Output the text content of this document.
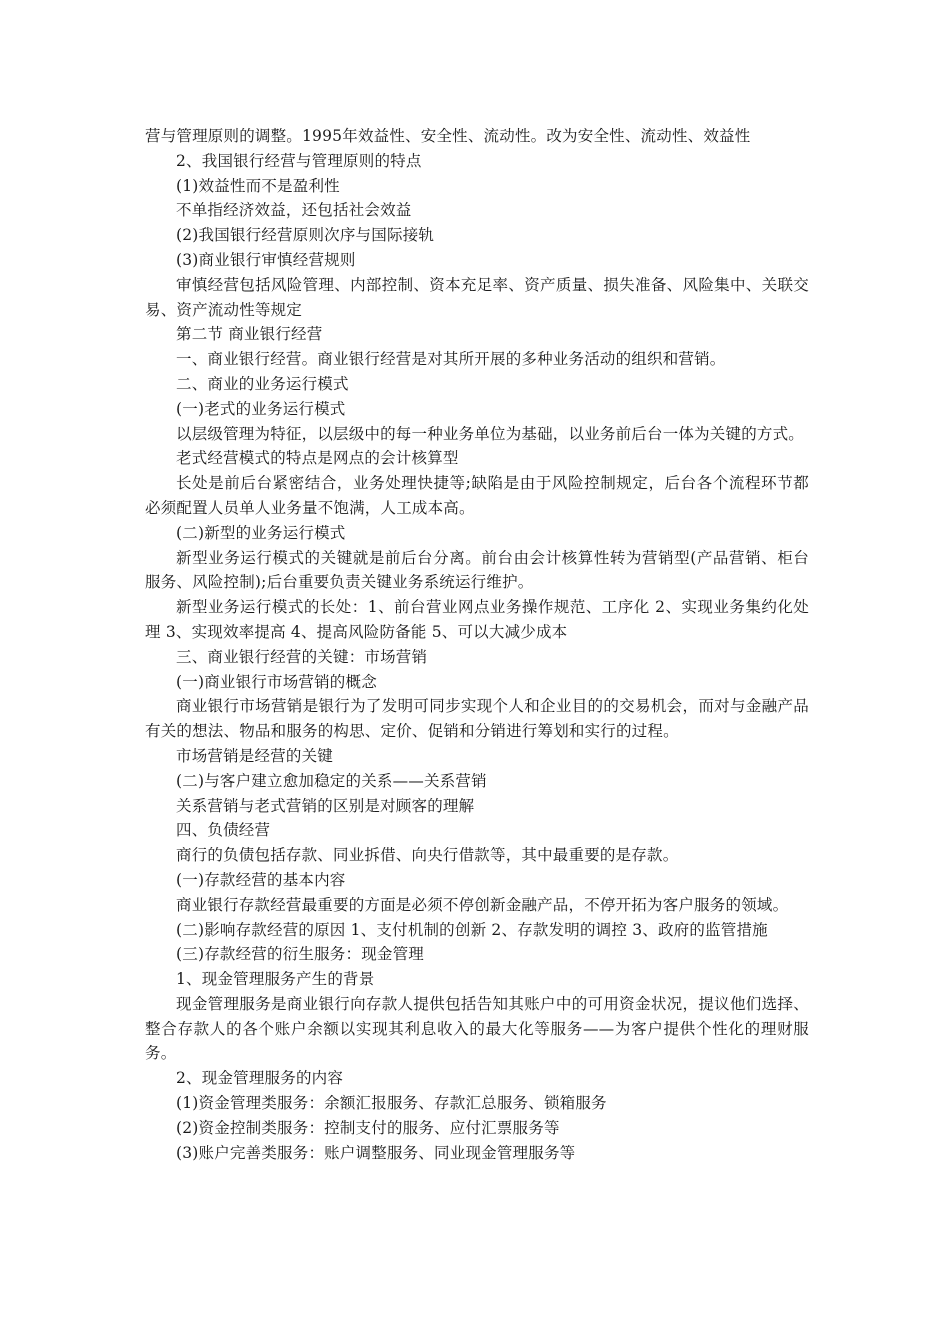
营与管理原则的调整。1995年效益性、安全性、流动性。改为安全性、流动性、效益性

2、我国银行经营与管理原则的特点

(1)效益性而不是盈利性

不单指经济效益，还包括社会效益

(2)我国银行经营原则次序与国际接轨

(3)商业银行审慎经营规则

审慎经营包括风险管理、内部控制、资本充足率、资产质量、损失准备、风险集中、关联交易、资产流动性等规定

第二节 商业银行经营

一、商业银行经营。商业银行经营是对其所开展的多种业务活动的组织和营销。

二、商业的业务运行模式

(一)老式的业务运行模式

以层级管理为特征，以层级中的每一种业务单位为基础，以业务前后台一体为关键的方式。

老式经营模式的特点是网点的会计核算型

长处是前后台紧密结合，业务处理快捷等;缺陷是由于风险控制规定，后台各个流程环节都必须配置人员单人业务量不饱满，人工成本高。

(二)新型的业务运行模式

新型业务运行模式的关键就是前后台分离。前台由会计核算性转为营销型(产品营销、柜台服务、风险控制);后台重要负责关键业务系统运行维护。

新型业务运行模式的长处：1、前台营业网点业务操作规范、工序化 2、实现业务集约化处理 3、实现效率提高 4、提高风险防备能 5、可以大减少成本

三、商业银行经营的关键：市场营销

(一)商业银行市场营销的概念

商业银行市场营销是银行为了发明可同步实现个人和企业目的的交易机会，而对与金融产品有关的想法、物品和服务的构思、定价、促销和分销进行筹划和实行的过程。

市场营销是经营的关键

(二)与客户建立愈加稳定的关系——关系营销

关系营销与老式营销的区别是对顾客的理解

四、负债经营

商行的负债包括存款、同业拆借、向央行借款等，其中最重要的是存款。

(一)存款经营的基本内容

商业银行存款经营最重要的方面是必须不停创新金融产品，不停开拓为客户服务的领域。

(二)影响存款经营的原因 1、支付机制的创新 2、存款发明的调控 3、政府的监管措施

(三)存款经营的衍生服务：现金管理

1、现金管理服务产生的背景

现金管理服务是商业银行向存款人提供包括告知其账户中的可用资金状况，提议他们选择、整合存款人的各个账户余额以实现其利息收入的最大化等服务——为客户提供个性化的理财服务。

2、现金管理服务的内容

(1)资金管理类服务：余额汇报服务、存款汇总服务、锁箱服务

(2)资金控制类服务：控制支付的服务、应付汇票服务等

(3)账户完善类服务：账户调整服务、同业现金管理服务等
